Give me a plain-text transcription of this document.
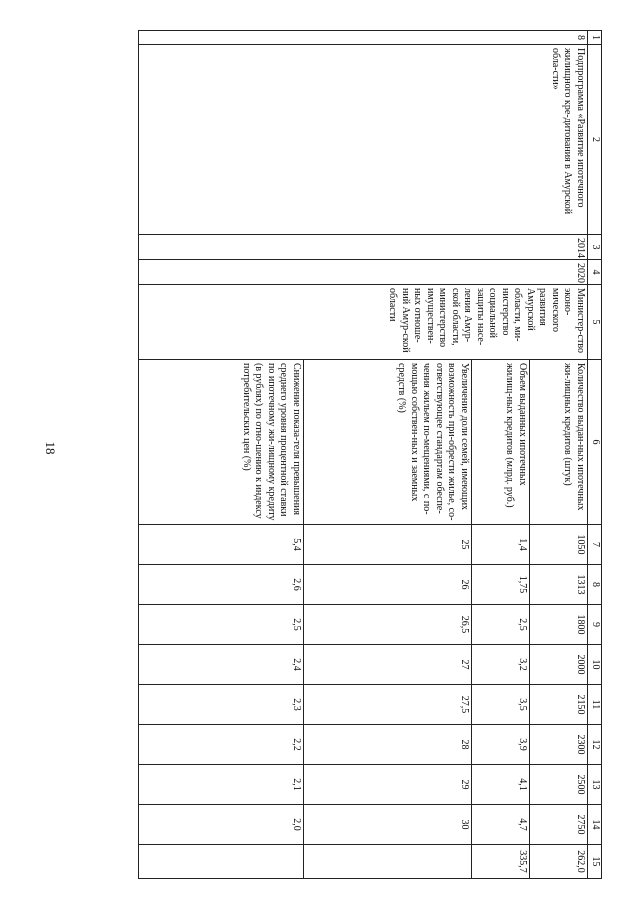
18
1	2	3	4	5	6	7	8	9	10	11	12	13	14	15
8	Подпрограмма «Развитие ипотечного жилищного кре-дитования в Амурской обла-сти»	2014	2020	Министер-ство эконо-мического развития Амурской области, ми-нистерство социальной защиты насе-ления Амур-ской области, министерство имуществен-ных отноше-ний Амур-ской области	Количество выдан-ных ипотечных жи-лищных кредитов (штук)	1050	1313	1800	2000	2150	2300	2500	2750	262,0
					Объем выданных ипотечных жилищ-ных кредитов (млрд. руб.)	1,4	1,75	2,5	3,2	3,5	3,9	4,1	4,7	335,7
					Увеличение доли семей, имеющих возможность при-обрести жилье, со-ответствующее стандартам обеспе-чения жильем по-мещениями, с по-мощью собствен-ных и заемных средств (%)	25	26	26,5	27	27,5	28	29	30	
					Снижение показа-теля превышения среднего уровня процентной ставки по ипотечному жи-лищному кредиту (в рублях) по отно-шению к индексу потребительских цен (%)	5,4	2,6	2,5	2,4	2,3	2,2	2,1	2,0	
